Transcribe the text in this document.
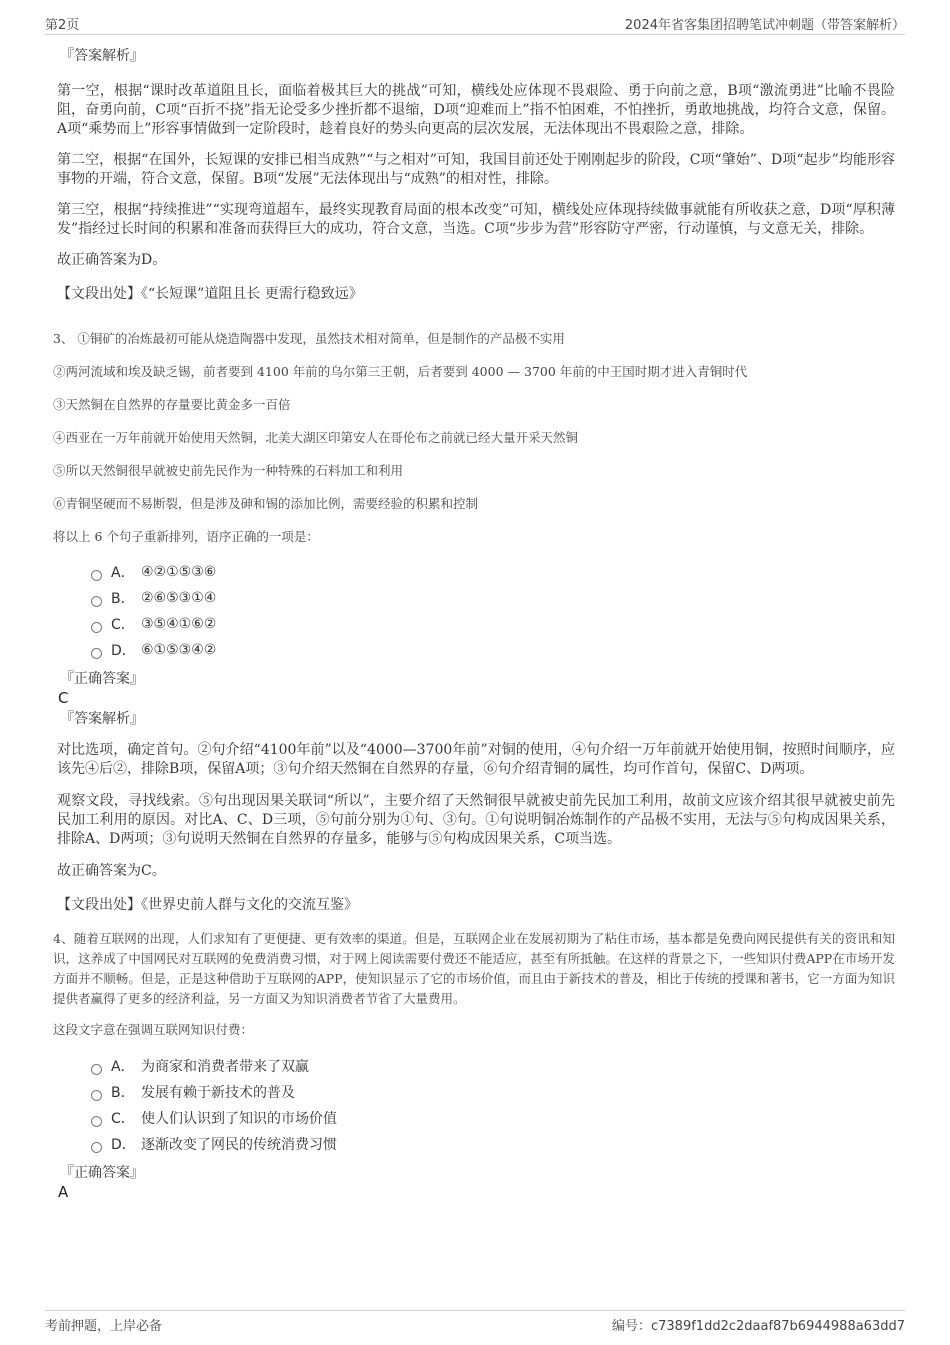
第2页	2024年省客集团招聘笔试冲刺题（带答案解析）
『答案解析』

第一空，根据“课时改革道阻且长，面临着极其巨大的挑战”可知，横线处应体现不畏艰险、勇于向前之意，B项“激流勇进”比喻不畏险阻，奋勇向前，C项“百折不挠”指无论受多少挫折都不退缩，D项“迎难而上”指不怕困难，不怕挫折，勇敢地挑战，均符合文意，保留。A项“乘势而上”形容事情做到一定阶段时，趁着良好的势头向更高的层次发展，无法体现出不畏艰险之意，排除。

第二空，根据“在国外，长短课的安排已相当成熟”“与之相对”可知，我国目前还处于刚刚起步的阶段，C项“肇始”、D项“起步”均能形容事物的开端，符合文意，保留。B项“发展”无法体现出与“成熟”的相对性，排除。

第三空，根据“持续推进”“实现弯道超车，最终实现教育局面的根本改变”可知，横线处应体现持续做事就能有所收获之意，D项“厚积薄发”指经过长时间的积累和准备而获得巨大的成功，符合文意，当选。C项“步步为营”形容防守严密，行动谨慎，与文意无关，排除。

故正确答案为D。

【文段出处】《“长短课”道阻且长 更需行稳致远》

3、 ①铜矿的冶炼最初可能从烧造陶器中发现，虽然技术相对简单，但是制作的产品极不实用

②两河流域和埃及缺乏锡，前者要到 4100 年前的乌尔第三王朝，后者要到 4000 — 3700 年前的中王国时期才进入青铜时代

③天然铜在自然界的存量要比黄金多一百倍

④西亚在一万年前就开始使用天然铜，北美大湖区印第安人在哥伦布之前就已经大量开采天然铜

⑤所以天然铜很早就被史前先民作为一种特殊的石料加工和利用

⑥青铜坚硬而不易断裂，但是涉及砷和锡的添加比例，需要经验的积累和控制

将以上 6 个句子重新排列，语序正确的一项是：

A． ④②①⑤③⑥
B． ②⑥⑤③①④
C． ③⑤④①⑥②
D． ⑥①⑤③④②
『正确答案』
C
『答案解析』

对比选项，确定首句。②句介绍“4100年前”以及“4000—3700年前”对铜的使用，④句介绍一万年前就开始使用铜，按照时间顺序，应该先④后②，排除B项，保留A项；③句介绍天然铜在自然界的存量，⑥句介绍青铜的属性，均可作首句，保留C、D两项。

观察文段，寻找线索。⑤句出现因果关联词“所以”，主要介绍了天然铜很早就被史前先民加工利用，故前文应该介绍其很早就被史前先民加工利用的原因。对比A、C、D三项，⑤句前分别为①句、③句。①句说明铜冶炼制作的产品极不实用，无法与⑤句构成因果关系，排除A、D两项；③句说明天然铜在自然界的存量多，能够与⑤句构成因果关系，C项当选。

故正确答案为C。

【文段出处】《世界史前人群与文化的交流互鉴》

4、随着互联网的出现，人们求知有了更便捷、更有效率的渠道。但是，互联网企业在发展初期为了粘住市场，基本都是免费向网民提供有关的资讯和知识，这养成了中国网民对互联网的免费消费习惯，对于网上阅读需要付费还不能适应，甚至有所抵触。在这样的背景之下，一些知识付费APP在市场开发方面并不顺畅。但是，正是这种借助于互联网的APP，使知识显示了它的市场价值，而且由于新技术的普及，相比于传统的授课和著书，它一方面为知识提供者赢得了更多的经济利益，另一方面又为知识消费者节省了大量费用。

这段文字意在强调互联网知识付费：

A． 为商家和消费者带来了双赢
B． 发展有赖于新技术的普及
C． 使人们认识到了知识的市场价值
D． 逐渐改变了网民的传统消费习惯
『正确答案』
A
考前押题，上岸必备	编号：c7389f1dd2c2daaf87b6944988a63dd7
